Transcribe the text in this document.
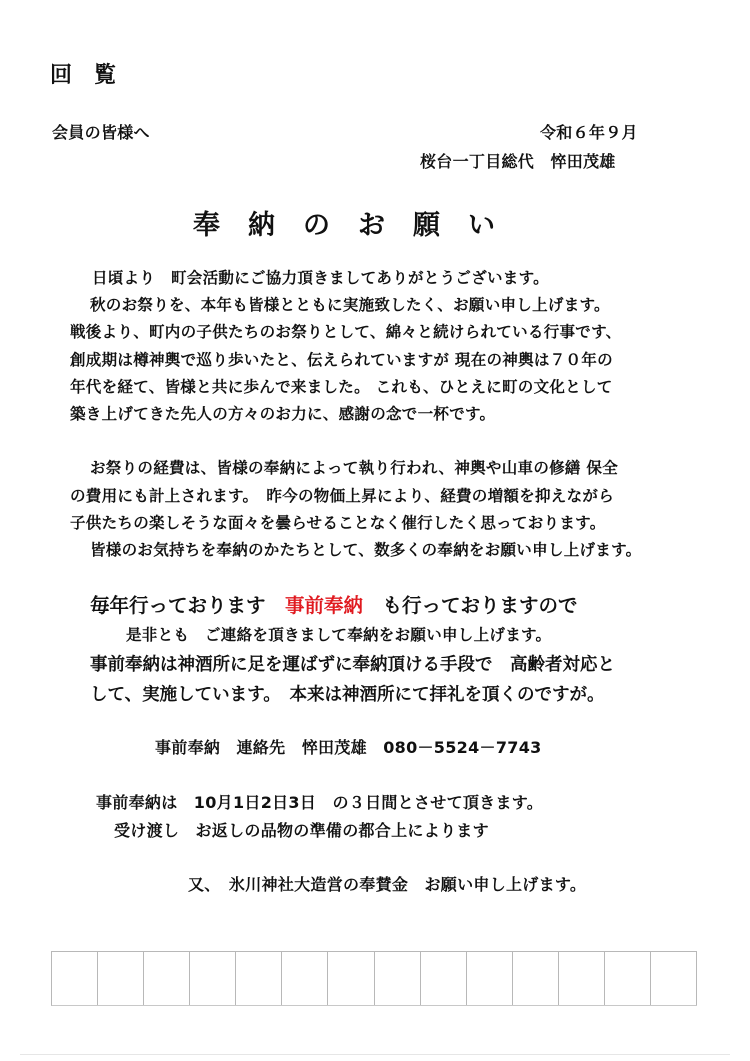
回　覧
会員の皆様へ	令和６年９月
桜台一丁目総代　悴田茂雄
奉　納　の　お　願　い
日頃より　町会活動にご協力頂きましてありがとうございます。
秋のお祭りを、本年も皆様とともに実施致したく、お願い申し上げます。
戦後より、町内の子供たちのお祭りとして、綿々と続けられている行事です、
創成期は樽神輿で巡り歩いたと、伝えられていますが 現在の神輿は７０年の
年代を経て、皆様と共に歩んで来ました。 これも、ひとえに町の文化として
築き上げてきた先人の方々のお力に、感謝の念で一杯です。
お祭りの経費は、皆様の奉納によって執り行われ、神輿や山車の修繕 保全
の費用にも計上されます。　昨今の物価上昇により、経費の増額を抑えながら
子供たちの楽しそうな面々を曇らせることなく催行したく思っております。
皆様のお気持ちを奉納のかたちとして、数多くの奉納をお願い申し上げます。
毎年行っております　事前奉納　も行っておりますので
是非とも　ご連絡を頂きまして奉納をお願い申し上げます。
事前奉納は神酒所に足を運ばずに奉納頂ける手段で　高齢者対応と
して、実施しています。　本来は神酒所にて拝礼を頂くのですが。
事前奉納　連絡先　悴田茂雄　080－5524－7743
事前奉納は　10月1日2日3日　の３日間とさせて頂きます。
受け渡し　お返しの品物の準備の都合上によります
又、　氷川神社大造営の奉賛金　お願い申し上げます。
